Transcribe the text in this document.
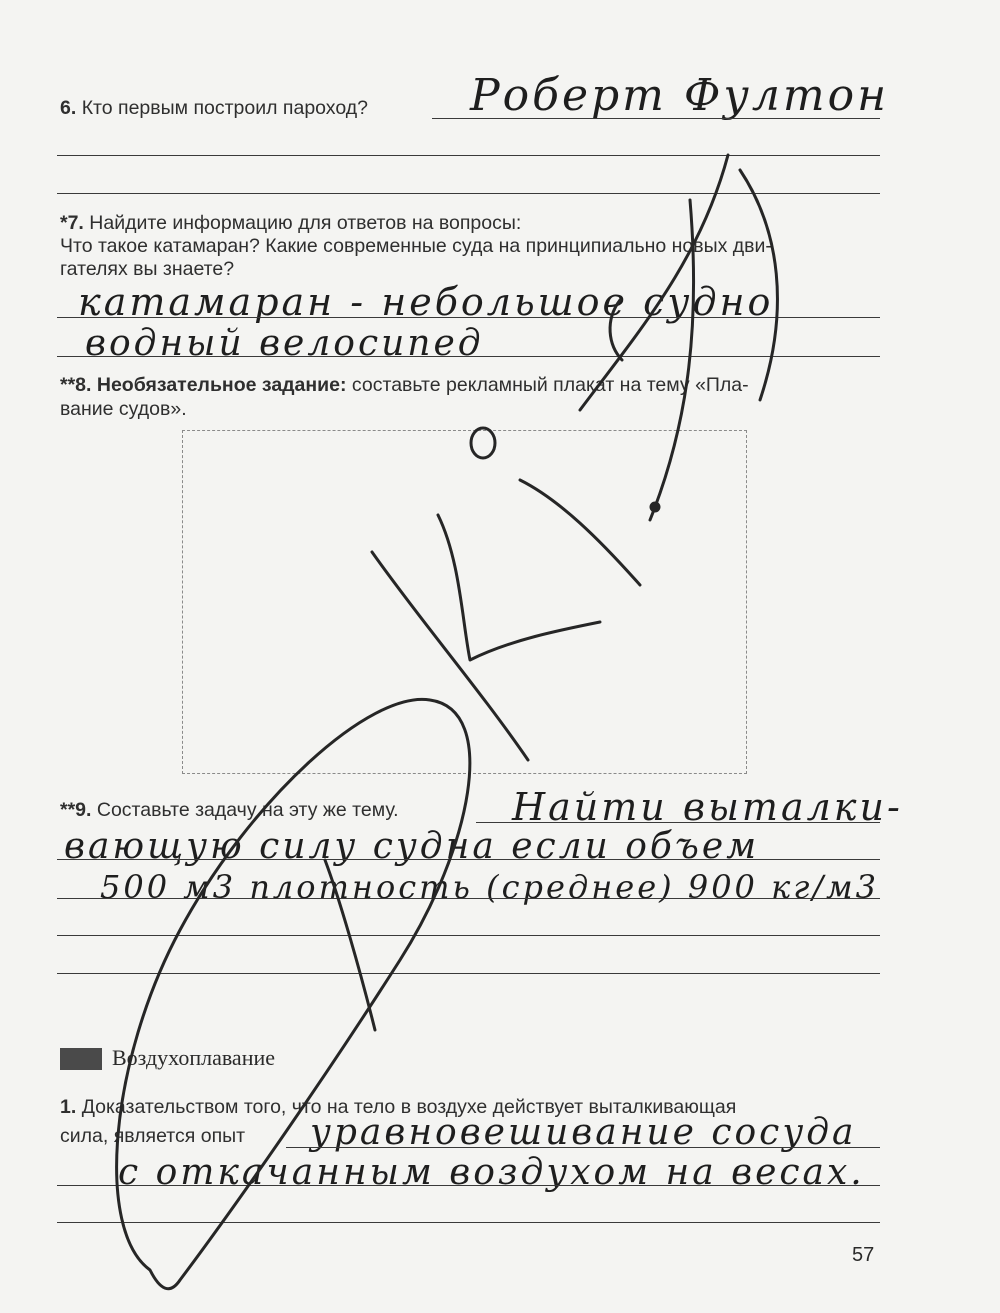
6. Кто первым построил пароход? Роберт Фултон
*7. Найдите информацию для ответов на вопросы:
Что такое катамаран? Какие современные суда на принципиально новых дви-
гателях вы знаете?
катамаран - небольшое судно
водный велосипед
**8. Необязательное задание: составьте рекламный плакат на тему «Пла-
вание судов».
**9. Составьте задачу на эту же тему.	Найти выталки-
вающую силу судна если объем
500 м3 плотность (среднее) 900 кг/м3
Воздухоплавание
1. Доказательством того, что на тело в воздухе действует выталкивающая
сила, является опыт уравновешивание сосуда
с откачанным воздухом на весах.
57
